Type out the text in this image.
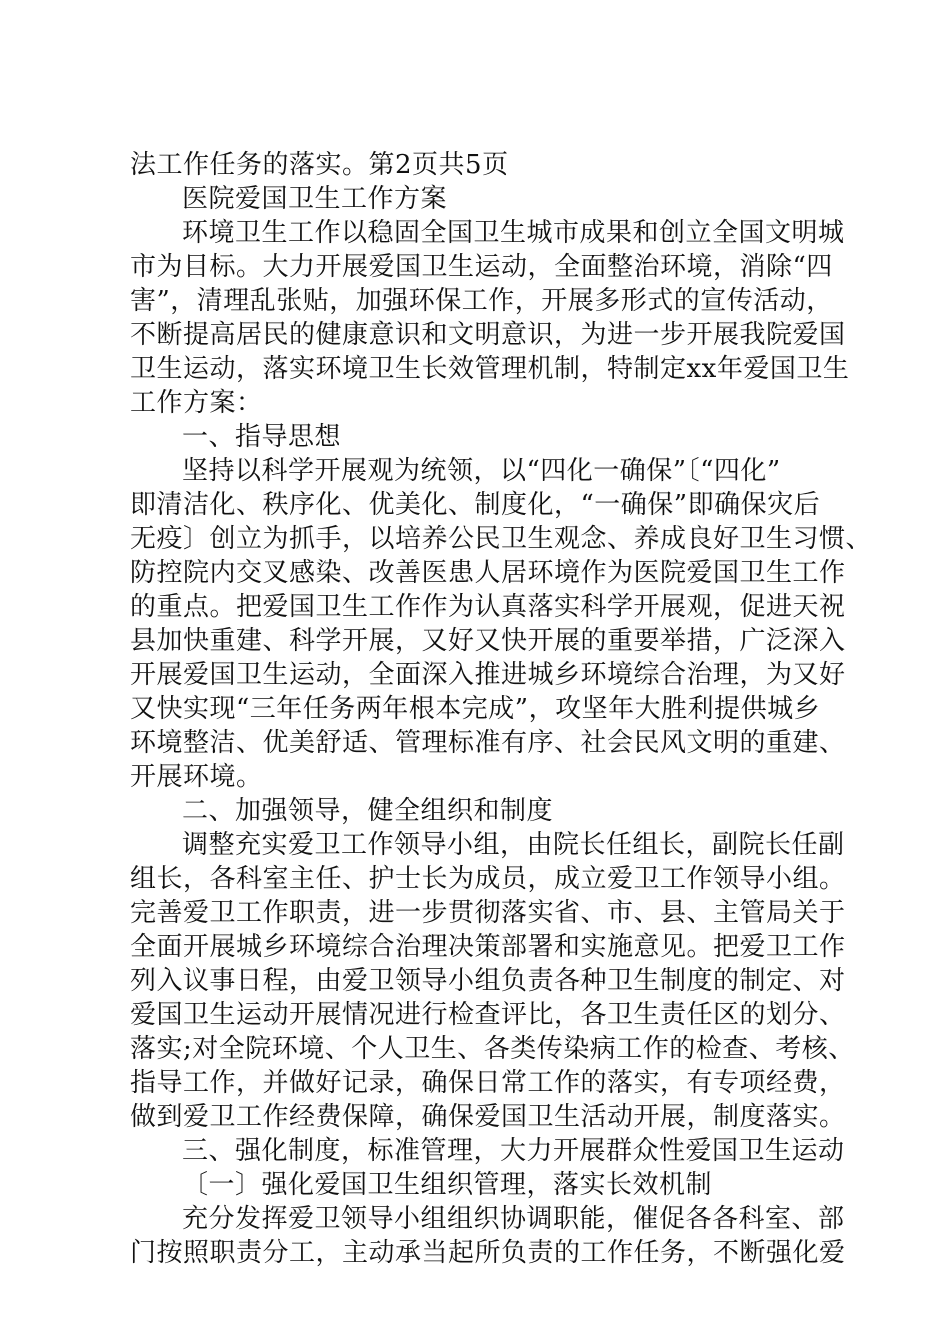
法工作任务的落实。第2页共5页
医院爱国卫生工作方案
环境卫生工作以稳固全国卫生城市成果和创立全国文明城
市为目标。大力开展爱国卫生运动，全面整治环境，消除“四
害”，清理乱张贴，加强环保工作，开展多形式的宣传活动，
不断提高居民的健康意识和文明意识，为进一步开展我院爱国
卫生运动，落实环境卫生长效管理机制，特制定xx年爱国卫生
工作方案：
一、指导思想
坚持以科学开展观为统领，以“四化一确保”〔“四化”
即清洁化、秩序化、优美化、制度化，“一确保”即确保灾后
无疫〕创立为抓手，以培养公民卫生观念、养成良好卫生习惯、
防控院内交叉感染、改善医患人居环境作为医院爱国卫生工作
的重点。把爱国卫生工作作为认真落实科学开展观，促进天祝
县加快重建、科学开展，又好又快开展的重要举措，广泛深入
开展爱国卫生运动，全面深入推进城乡环境综合治理，为又好
又快实现“三年任务两年根本完成”，攻坚年大胜利提供城乡
环境整洁、优美舒适、管理标准有序、社会民风文明的重建、
开展环境。
二、加强领导，健全组织和制度
调整充实爱卫工作领导小组，由院长任组长，副院长任副
组长，各科室主任、护士长为成员，成立爱卫工作领导小组。
完善爱卫工作职责，进一步贯彻落实省、市、县、主管局关于
全面开展城乡环境综合治理决策部署和实施意见。把爱卫工作
列入议事日程，由爱卫领导小组负责各种卫生制度的制定、对
爱国卫生运动开展情况进行检查评比，各卫生责任区的划分、
落实;对全院环境、个人卫生、各类传染病工作的检查、考核、
指导工作，并做好记录，确保日常工作的落实，有专项经费，
做到爱卫工作经费保障，确保爱国卫生活动开展，制度落实。
三、强化制度，标准管理，大力开展群众性爱国卫生运动
〔一〕强化爱国卫生组织管理，落实长效机制
充分发挥爱卫领导小组组织协调职能，催促各各科室、部
门按照职责分工，主动承当起所负责的工作任务，不断强化爱
